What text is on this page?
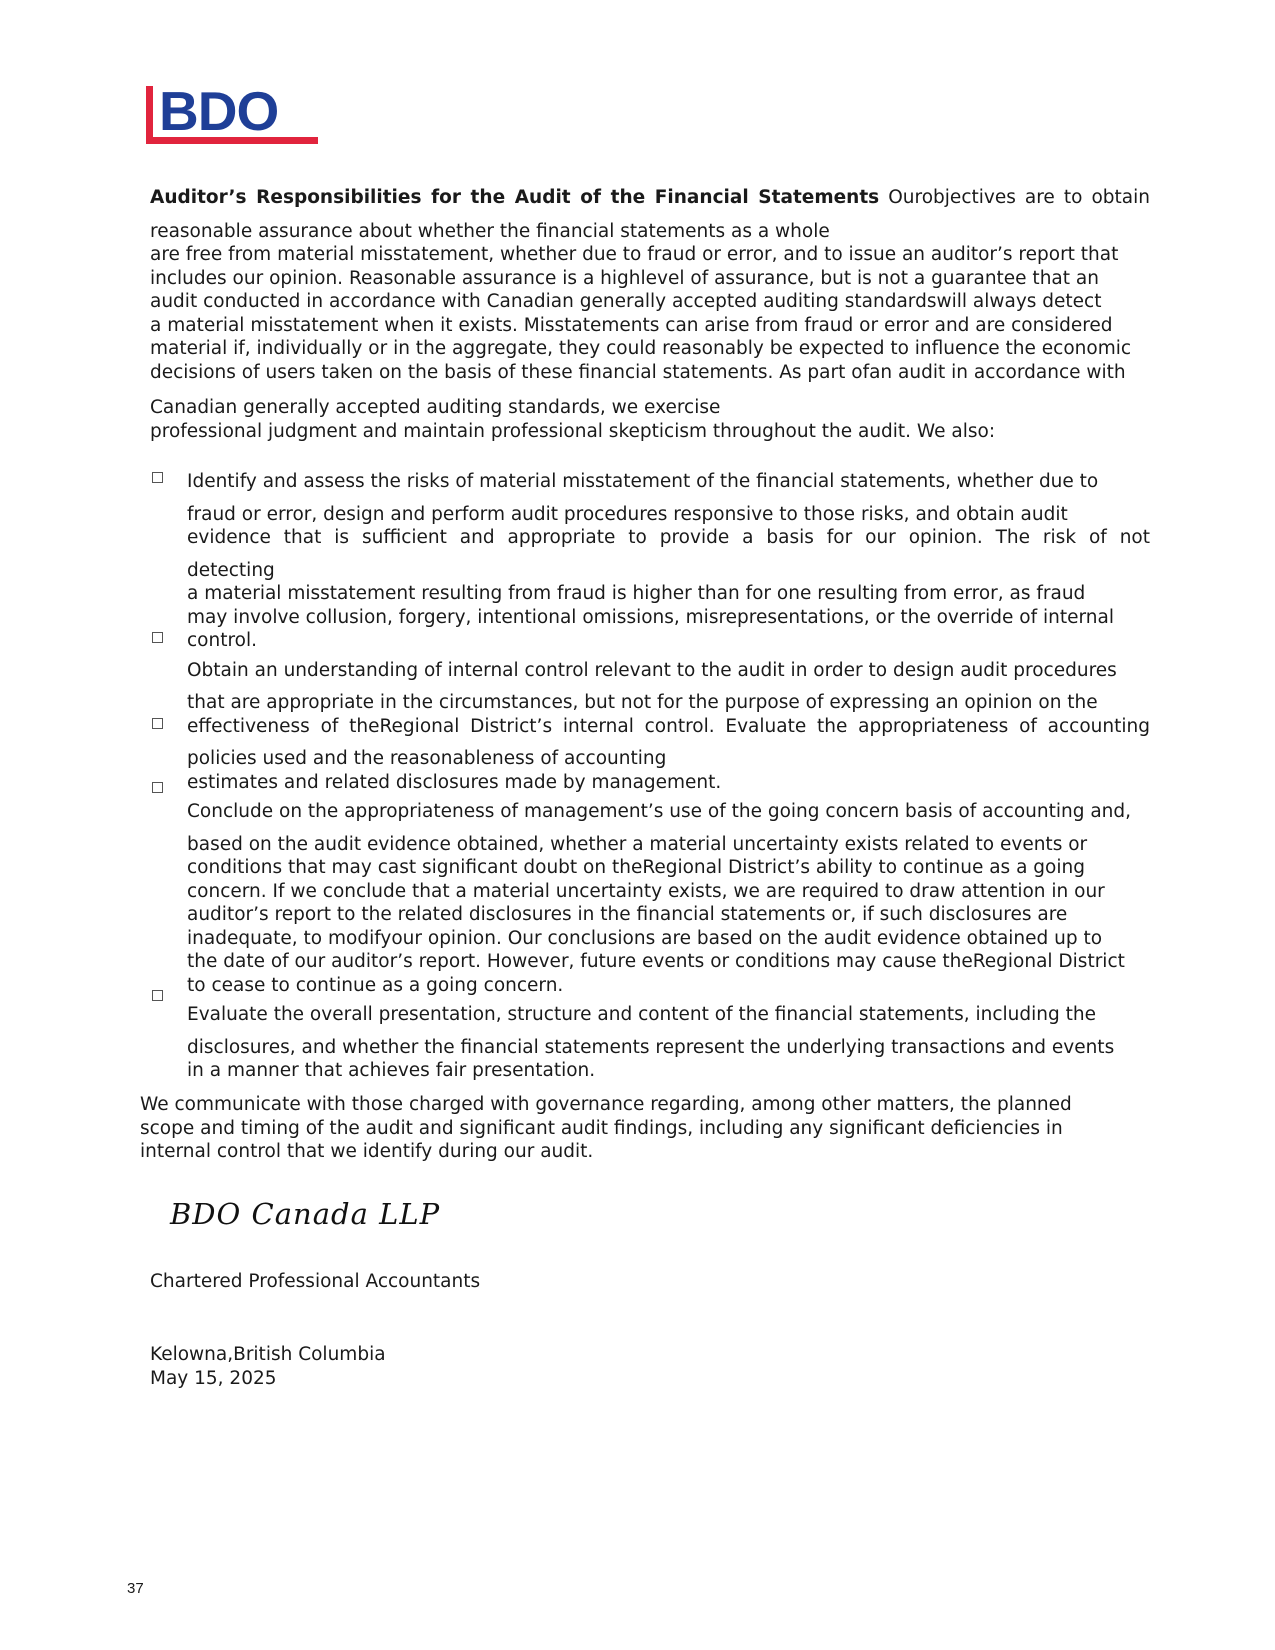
BDO

Auditor’s Responsibilities for the Audit of the Financial Statements Ourobjectives are to obtain

reasonable assurance about whether the financial statements as a whole

are free from material misstatement, whether due to fraud or error, and to issue an auditor’s report that

includes our opinion. Reasonable assurance is a highlevel of assurance, but is not a guarantee that an

audit conducted in accordance with Canadian generally accepted auditing standardswill always detect

a material misstatement when it exists. Misstatements can arise from fraud or error and are considered

material if, individually or in the aggregate, they could reasonably be expected to influence the economic

decisions of users taken on the basis of these financial statements. As part ofan audit in accordance with

Canadian generally accepted auditing standards, we exercise

professional judgment and maintain professional skepticism throughout the audit. We also:

Identify and assess the risks of material misstatement of the financial statements, whether due to

fraud or error, design and perform audit procedures responsive to those risks, and obtain audit

evidence that is sufficient and appropriate to provide a basis for our opinion. The risk of not

detecting

a material misstatement resulting from fraud is higher than for one resulting from error, as fraud

may involve collusion, forgery, intentional omissions, misrepresentations, or the override of internal

control.

Obtain an understanding of internal control relevant to the audit in order to design audit procedures

that are appropriate in the circumstances, but not for the purpose of expressing an opinion on the

effectiveness of theRegional District’s internal control. Evaluate the appropriateness of accounting

policies used and the reasonableness of accounting

estimates and related disclosures made by management.

Conclude on the appropriateness of management’s use of the going concern basis of accounting and,

based on the audit evidence obtained, whether a material uncertainty exists related to events or

conditions that may cast significant doubt on theRegional District’s ability to continue as a going

concern. If we conclude that a material uncertainty exists, we are required to draw attention in our

auditor’s report to the related disclosures in the financial statements or, if such disclosures are

inadequate, to modifyour opinion. Our conclusions are based on the audit evidence obtained up to

the date of our auditor’s report. However, future events or conditions may cause theRegional District

to cease to continue as a going concern.

Evaluate the overall presentation, structure and content of the financial statements, including the

disclosures, and whether the financial statements represent the underlying transactions and events

in a manner that achieves fair presentation.

We communicate with those charged with governance regarding, among other matters, the planned

scope and timing of the audit and significant audit findings, including any significant deficiencies in

internal control that we identify during our audit.

BDO Canada LLP
Chartered Professional Accountants
Kelowna,British Columbia
May 15, 2025
37
